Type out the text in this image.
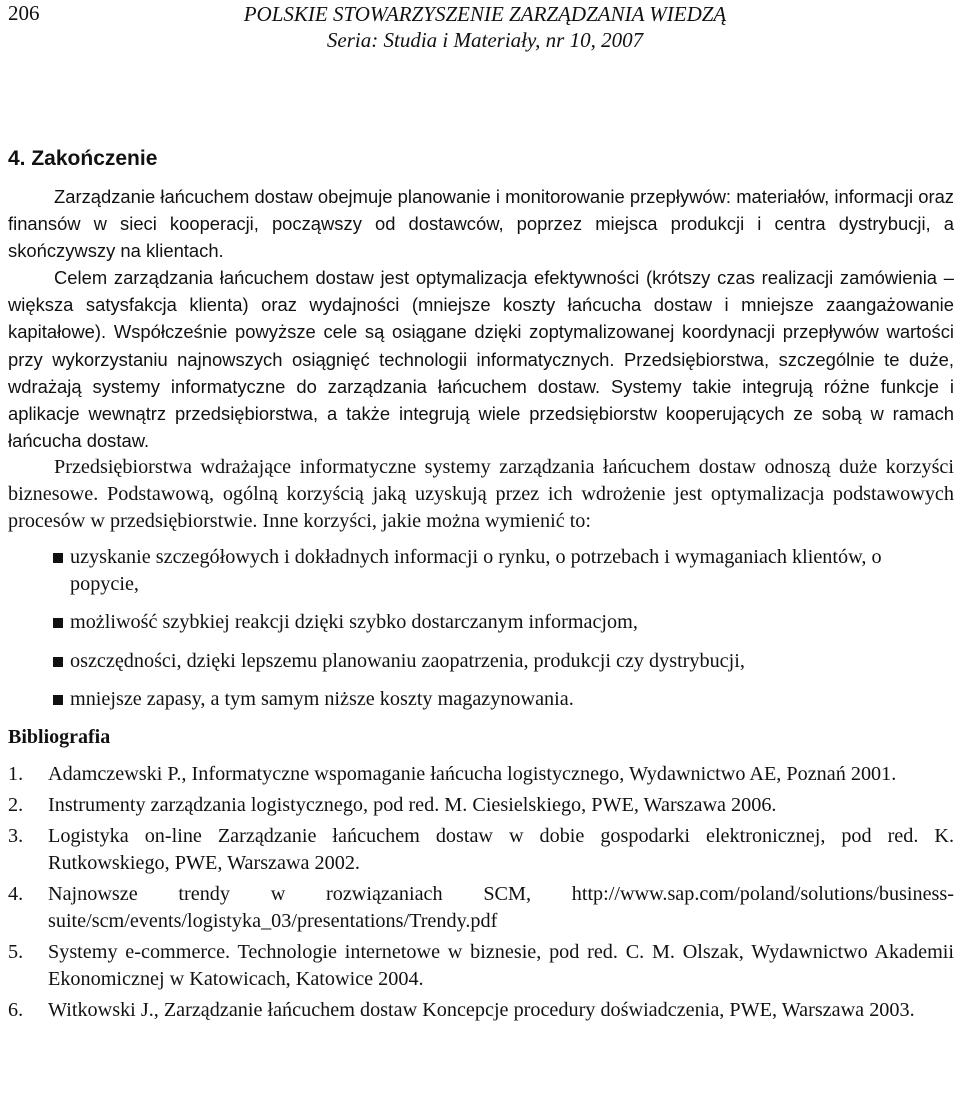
206	POLSKIE STOWARZYSZENIE ZARZĄDZANIA WIEDZĄ
Seria: Studia i Materiały, nr 10, 2007
4. Zakończenie

Zarządzanie łańcuchem dostaw obejmuje planowanie i monitorowanie przepływów: materiałów, informacji oraz finansów w sieci kooperacji, począwszy od dostawców, poprzez miejsca produkcji i centra dystrybucji, a skończywszy na klientach.

Celem zarządzania łańcuchem dostaw jest optymalizacja efektywności (krótszy czas realizacji zamówienia – większa satysfakcja klienta) oraz wydajności (mniejsze koszty łańcucha dostaw i mniejsze zaangażowanie kapitałowe). Współcześnie powyższe cele są osiągane dzięki zoptymalizowanej koordynacji przepływów wartości przy wykorzystaniu najnowszych osiągnięć technologii informatycznych. Przedsiębiorstwa, szczególnie te duże, wdrażają systemy informatyczne do zarządzania łańcuchem dostaw. Systemy takie integrują różne funkcje i aplikacje wewnątrz przedsiębiorstwa, a także integrują wiele przedsiębiorstw kooperujących ze sobą w ramach łańcucha dostaw.

Przedsiębiorstwa wdrażające informatyczne systemy zarządzania łańcuchem dostaw odnoszą duże korzyści biznesowe. Podstawową, ogólną korzyścią jaką uzyskują przez ich wdrożenie jest optymalizacja podstawowych procesów w przedsiębiorstwie. Inne korzyści, jakie można wymienić to:

uzyskanie szczegółowych i dokładnych informacji o rynku, o potrzebach i wymaganiach klientów, o popycie,
możliwość szybkiej reakcji dzięki szybko dostarczanym informacjom,
oszczędności, dzięki lepszemu planowaniu zaopatrzenia, produkcji czy dystrybucji,
mniejsze zapasy, a tym samym niższe koszty magazynowania.
Bibliografia
1. Adamczewski P., Informatyczne wspomaganie łańcucha logistycznego, Wydawnictwo AE, Poznań 2001.
2. Instrumenty zarządzania logistycznego, pod red. M. Ciesielskiego, PWE, Warszawa 2006.
3. Logistyka on-line Zarządzanie łańcuchem dostaw w dobie gospodarki elektronicznej, pod red. K. Rutkowskiego, PWE, Warszawa 2002.
4. Najnowsze trendy w rozwiązaniach SCM, http://www.sap.com/poland/solutions/business-suite/scm/events/logistyka_03/presentations/Trendy.pdf
5. Systemy e-commerce. Technologie internetowe w biznesie, pod red. C. M. Olszak, Wydawnictwo Akademii Ekonomicznej w Katowicach, Katowice 2004.
6. Witkowski J., Zarządzanie łańcuchem dostaw Koncepcje procedury doświadczenia, PWE, Warszawa 2003.
